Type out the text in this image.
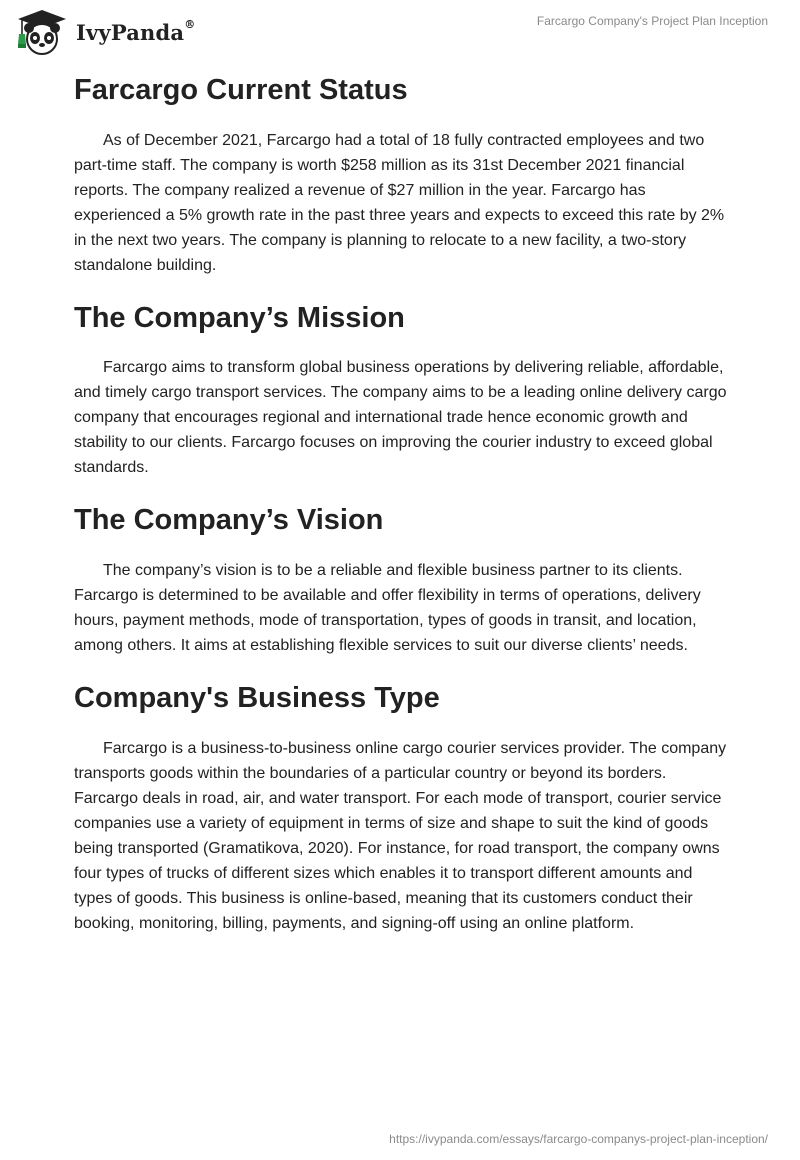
IvyPanda®	Farcargo Company's Project Plan Inception
Farcargo Current Status

As of December 2021, Farcargo had a total of 18 fully contracted employees and two part-time staff. The company is worth $258 million as its 31st December 2021 financial reports. The company realized a revenue of $27 million in the year. Farcargo has experienced a 5% growth rate in the past three years and expects to exceed this rate by 2% in the next two years. The company is planning to relocate to a new facility, a two-story standalone building.

The Company’s Mission

Farcargo aims to transform global business operations by delivering reliable, affordable, and timely cargo transport services. The company aims to be a leading online delivery cargo company that encourages regional and international trade hence economic growth and stability to our clients. Farcargo focuses on improving the courier industry to exceed global standards.

The Company’s Vision

The company’s vision is to be a reliable and flexible business partner to its clients. Farcargo is determined to be available and offer flexibility in terms of operations, delivery hours, payment methods, mode of transportation, types of goods in transit, and location, among others. It aims at establishing flexible services to suit our diverse clients’ needs.

Company's Business Type

Farcargo is a business-to-business online cargo courier services provider. The company transports goods within the boundaries of a particular country or beyond its borders. Farcargo deals in road, air, and water transport. For each mode of transport, courier service companies use a variety of equipment in terms of size and shape to suit the kind of goods being transported (Gramatikova, 2020). For instance, for road transport, the company owns four types of trucks of different sizes which enables it to transport different amounts and types of goods. This business is online-based, meaning that its customers conduct their booking, monitoring, billing, payments, and signing-off using an online platform.

https://ivypanda.com/essays/farcargo-companys-project-plan-inception/
